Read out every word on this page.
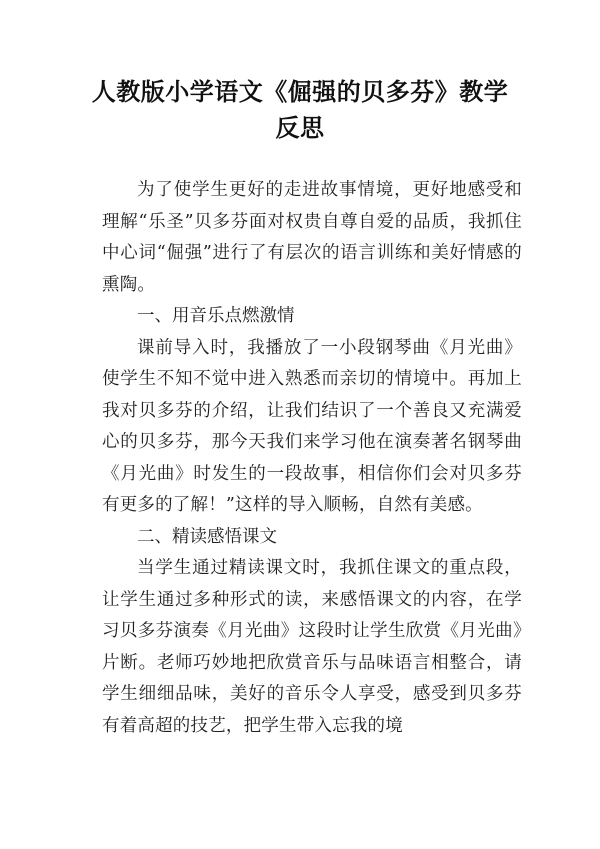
人教版小学语文《倔强的贝多芬》教学反思

为了使学生更好的走进故事情境，更好地感受和理解“乐圣”贝多芬面对权贵自尊自爱的品质，我抓住中心词“倔强”进行了有层次的语言训练和美好情感的熏陶。

一、用音乐点燃激情

课前导入时，我播放了一小段钢琴曲《月光曲》使学生不知不觉中进入熟悉而亲切的情境中。再加上我对贝多芬的介绍，让我们结识了一个善良又充满爱心的贝多芬，那今天我们来学习他在演奏著名钢琴曲《月光曲》时发生的一段故事，相信你们会对贝多芬有更多的了解！”这样的导入顺畅，自然有美感。

二、精读感悟课文

当学生通过精读课文时，我抓住课文的重点段，让学生通过多种形式的读，来感悟课文的内容，在学习贝多芬演奏《月光曲》这段时让学生欣赏《月光曲》片断。老师巧妙地把欣赏音乐与品味语言相整合，请学生细细品味，美好的音乐令人享受，感受到贝多芬有着高超的技艺，把学生带入忘我的境
